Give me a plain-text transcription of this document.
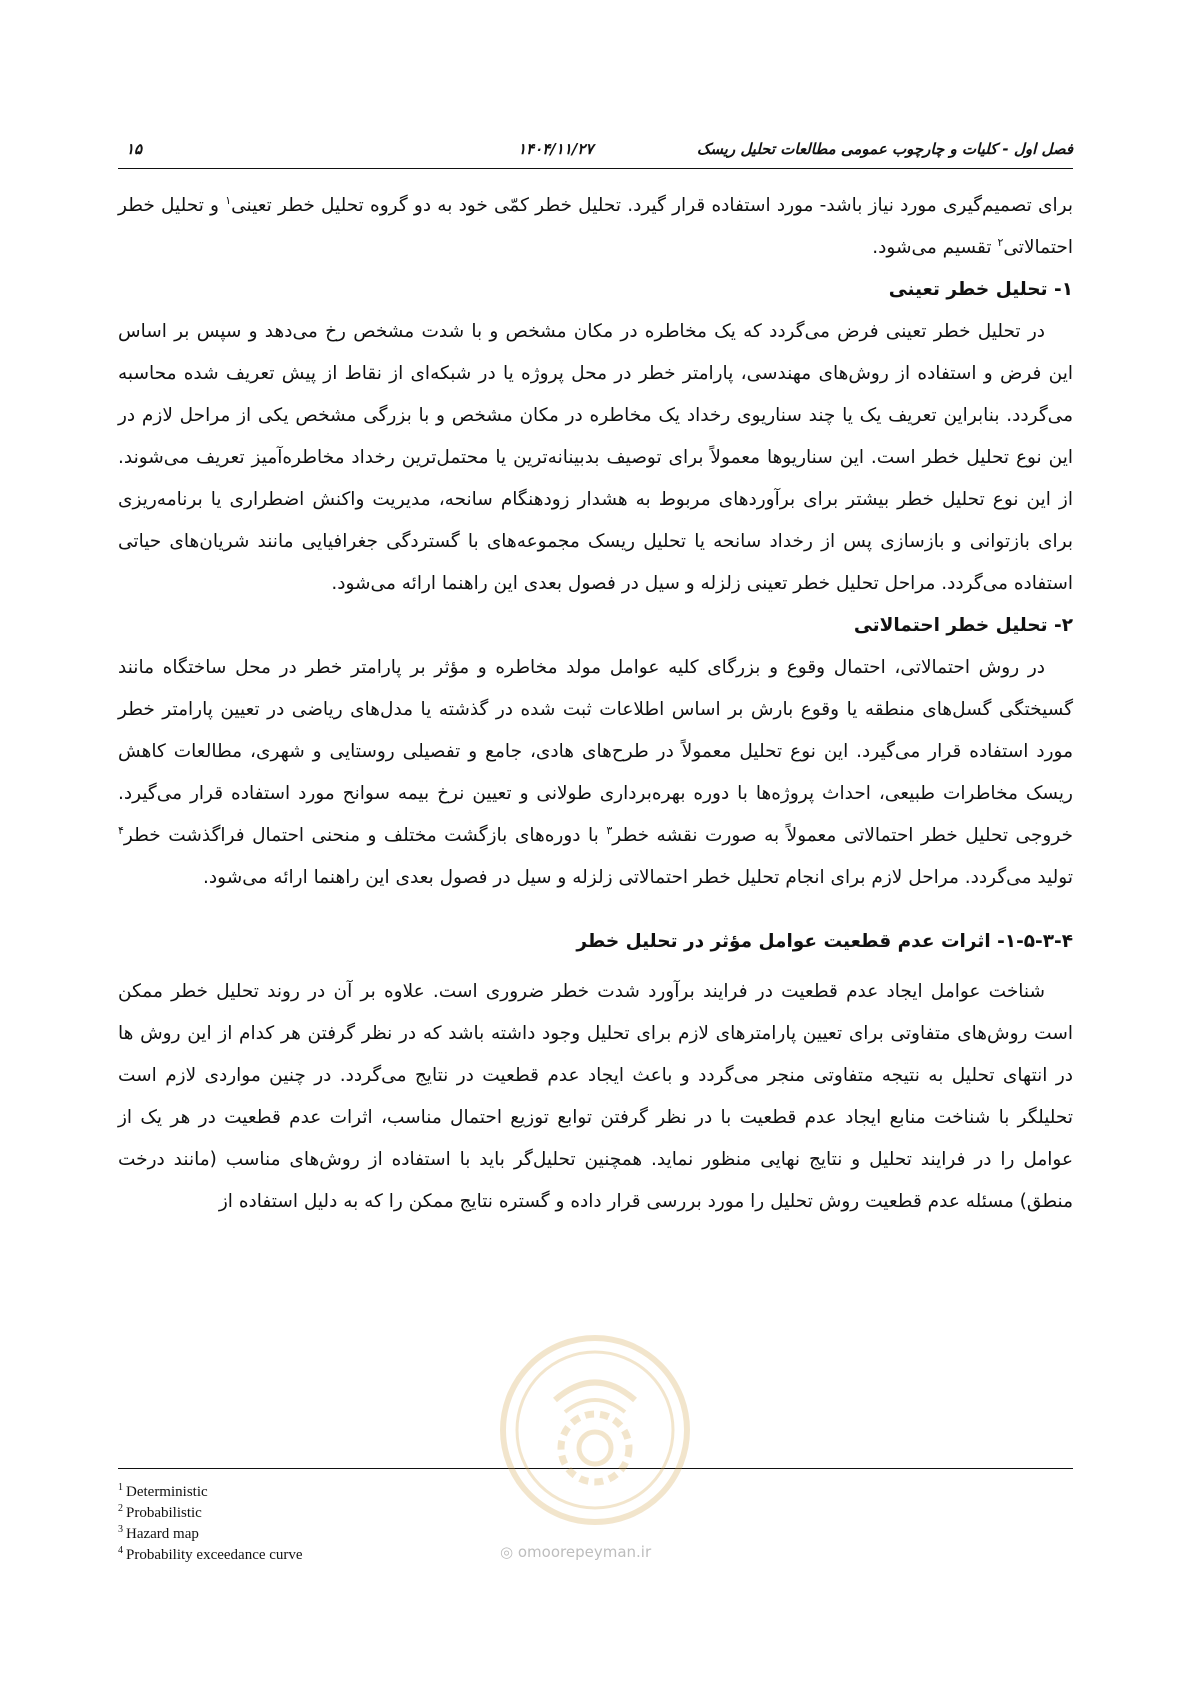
فصل اول - کلیات و چارچوب عمومی مطالعات تحلیل ریسک
۱۴۰۴/۱۱/۲۷
۱۵

برای تصمیم‌گیری مورد نیاز باشد- مورد استفاده قرار گیرد. تحلیل خطر کمّی خود به دو گروه تحلیل خطر تعینی$^۱$ و تحلیل خطر احتمالاتی$^۲$ تقسیم می‌شود.

۱- تحلیل خطر تعینی

در تحلیل خطر تعینی فرض می‌گردد که یک مخاطره در مکان مشخص و با شدت مشخص رخ می‌دهد و سپس بر اساس این فرض و استفاده از روش‌های مهندسی، پارامتر خطر در محل پروژه یا در شبکه‌ای از نقاط از پیش تعریف شده محاسبه می‌گردد. بنابراین تعریف یک یا چند سناریوی رخداد یک مخاطره در مکان مشخص و با بزرگی مشخص یکی از مراحل لازم در این نوع تحلیل خطر است. این سناریوها معمولاً برای توصیف بدبینانه‌ترین یا محتمل‌ترین رخداد مخاطره‌آمیز تعریف می‌شوند. از این نوع تحلیل خطر بیشتر برای برآوردهای مربوط به هشدار زودهنگام سانحه، مدیریت واکنش اضطراری یا برنامه‌ریزی برای بازتوانی و بازسازی پس از رخداد سانحه یا تحلیل ریسک مجموعه‌های با گستردگی جغرافیایی مانند شریان‌های حیاتی استفاده می‌گردد. مراحل تحلیل خطر تعینی زلزله و سیل در فصول بعدی این راهنما ارائه می‌شود.

۲- تحلیل خطر احتمالاتی

در روش احتمالاتی، احتمال وقوع و بزرگای کلیه عوامل مولد مخاطره و مؤثر بر پارامتر خطر در محل ساختگاه مانند گسیختگی گسل‌های منطقه یا وقوع بارش بر اساس اطلاعات ثبت شده در گذشته یا مدل‌های ریاضی در تعیین پارامتر خطر مورد استفاده قرار می‌گیرد. این نوع تحلیل معمولاً در طرح‌های هادی، جامع و تفصیلی روستایی و شهری، مطالعات کاهش ریسک مخاطرات طبیعی، احداث پروژه‌ها با دوره بهره‌برداری طولانی و تعیین نرخ بیمه سوانح مورد استفاده قرار می‌گیرد. خروجی تحلیل خطر احتمالاتی معمولاً به صورت نقشه خطر$^۳$ با دوره‌های بازگشت مختلف و منحنی احتمال فراگذشت خطر$^۴$ تولید می‌گردد. مراحل لازم برای انجام تحلیل خطر احتمالاتی زلزله و سیل در فصول بعدی این راهنما ارائه می‌شود.

۱-۵-۳-۴- اثرات عدم قطعیت عوامل مؤثر در تحلیل خطر

شناخت عوامل ایجاد عدم قطعیت در فرایند برآورد شدت خطر ضروری است. علاوه بر آن در روند تحلیل خطر ممکن است روش‌های متفاوتی برای تعیین پارامترهای لازم برای تحلیل وجود داشته باشد که در نظر گرفتن هر کدام از این روش ها در انتهای تحلیل به نتیجه متفاوتی منجر می‌گردد و باعث ایجاد عدم قطعیت در نتایج می‌گردد. در چنین مواردی لازم است تحلیلگر با شناخت منابع ایجاد عدم قطعیت با در نظر گرفتن توابع توزیع احتمال مناسب، اثرات عدم قطعیت در هر یک از عوامل را در فرایند تحلیل و نتایج نهایی منظور نماید. همچنین تحلیل‌گر باید با استفاده از روش‌های مناسب (مانند درخت منطق) مسئله عدم قطعیت روش تحلیل را مورد بررسی قرار داده و گستره نتایج ممکن را که به دلیل استفاده از

$^1$ Deterministic
$^2$ Probabilistic
$^3$ Hazard map
$^4$ Probability exceedance curve	◎ omoorepeyman.ir
